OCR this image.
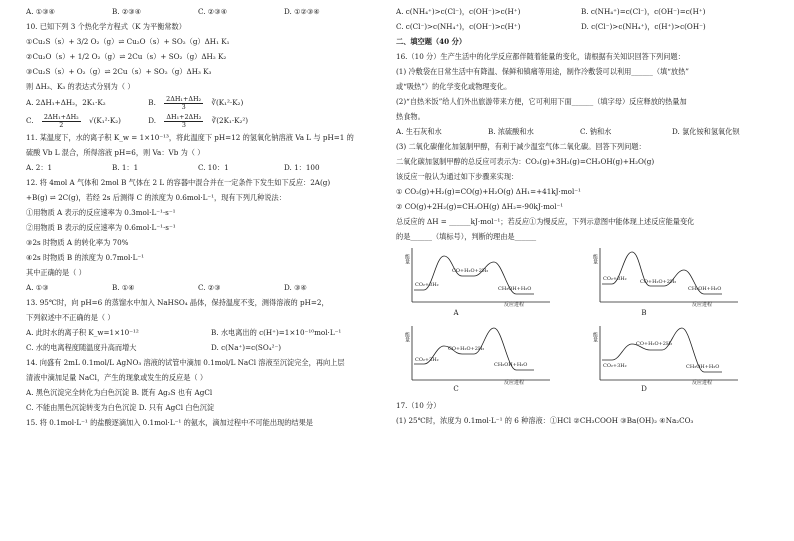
A. ①③④	B. ②③④	C. ②③④	D. ①②③④
10. 已知下列 3 个热化学方程式（K 为平衡常数）
①Cu₂S（s）+ 3/2 O₂（g）⇌ Cu₂O（s）+ SO₂（g）ΔH₁ K₁
②Cu₂O（s）+ 1/2 O₂（g）⇌ 2Cu（s）+ SO₂（g）ΔH₂ K₂
③Cu₂S（s）+ O₂（g）⇌ 2Cu（s）+ SO₂（g）ΔH₃ K₃
则 ΔH₃、K₃ 的表达式分别为（ ）
A. 2ΔH₁+ΔH₂，2K₁·K₂	B. $\frac{\text{2ΔH₁+ΔH₂}}{3}$ ∛(K₁²·K₂)
C. $\frac{\text{2ΔH₁+ΔH₂}}{2} √(K_1^2\cdot K_2)$	D. $\frac{\text{ΔH₁+2ΔH₂}}{3}$ ∛(2K₁·K₂²)
11. 某温度下，水的离子积 K_w = 1×10⁻¹³，将此温度下 pH=12 的氢氧化钠溶液 Va L 与 pH=1 的
硫酸 Vb L 混合，所得溶液 pH=6，则 Va：Vb 为（ ）
A. 2：1	B. 1：1	C. 10：1	D. 1：100
12. 将 4mol A 气体和 2mol B 气体在 2 L 的容器中混合并在一定条件下发生如下反应：2A(g)
+B(g) ⇌ 2C(g)，若经 2s 后测得 C 的浓度为 0.6mol·L⁻¹，现有下列几种说法：
①用物质 A 表示的反应速率为 0.3mol·L⁻¹·s⁻¹
②用物质 B 表示的反应速率为 0.6mol·L⁻¹·s⁻¹
③2s 时物质 A 的转化率为 70%
④2s 时物质 B 的浓度为 0.7mol·L⁻¹
其中正确的是（ ）
A. ①③	B. ①④	C. ②③	D. ③④
13. 95℃时，向 pH=6 的蒸馏水中加入 NaHSO₄ 晶体，保持温度不变，测得溶液的 pH=2，
下列叙述中不正确的是（ ）
A. 此时水的离子积 K_w=1×10⁻¹²	B. 水电离出的 c(H⁺)=1×10⁻¹⁰mol·L⁻¹
C. 水的电离程度随温度升高而增大	D. c(Na⁺)=c(SO₄²⁻)
14. 向盛有 2mL 0.1mol/L AgNO₃ 溶液的试管中滴加 0.1mol/L NaCl 溶液至沉淀完全，再向上层
清液中滴加足量 NaCl，产生的现象或发生的反应是（ ）
A. 黑色沉淀完全转化为白色沉淀 B. 既有 Ag₂S 也有 AgCl
C. 不能由黑色沉淀转变为白色沉淀 D. 只有 AgCl 白色沉淀
15. 将 0.1mol·L⁻¹ 的盐酸逐滴加入 0.1mol·L⁻¹ 的氨水，滴加过程中不可能出现的结果是
A. c(NH₄⁺)>c(Cl⁻)，c(OH⁻)>c(H⁺)	B. c(NH₄⁺)=c(Cl⁻)，c(OH⁻)=c(H⁺)
C. c(Cl⁻)>c(NH₄⁺)，c(OH⁻)>c(H⁺)	D. c(Cl⁻)>c(NH₄⁺)，c(H⁺)>c(OH⁻)
二、填空题（40 分）
16.（10 分）生产生活中的化学反应都伴随着能量的变化，请根据有关知识回答下列问题：
(1) 冷敷袋在日常生活中有降温、保鲜和镇痛等用途，制作冷敷袋可以利用______（填“放热”
或“吸热”）的化学变化或物理变化。
(2)“自热米饭”给人们外出旅游带来方便，它可利用下面______（填字母）反应释放的热量加
热食物。
A. 生石灰和水	B. 浓硫酸和水	C. 钠和水	D. 氯化铵和氢氧化钡
(3) 二氧化碳催化加氢制甲醇，有利于减少温室气体二氧化碳。回答下列问题：
二氧化碳加氢制甲醇的总反应可表示为：CO₂(g)+3H₂(g)=CH₃OH(g)+H₂O(g)
该反应一般认为通过如下步骤来实现：
① CO₂(g)+H₂(g)=CO(g)+H₂O(g) ΔH₁=+41kJ·mol⁻¹
② CO(g)+2H₂(g)=CH₃OH(g) ΔH₂=-90kJ·mol⁻¹
总反应的 ΔH = ______kJ·mol⁻¹；若反应①为慢反应，下列示意图中能体现上述反应能量变化
的是______（填标号），判断的理由是______
能量
CO₂+3H₂
CO+H₂O+2H₂
CH₃OH+H₂O
反应进程
A
能量
CO₂+3H₂	CO+H₂O+2H₂
CH₃OH+H₂O
反应进程
B
能量
CO₂+3H₂
CO+H₂O+2H₂
CH₃OH+H₂O
反应进程
C
能量
CO₂+3H₂
CO+H₂O+2H₂
CH₃OH+H₂O
反应进程
D
17.（10 分）
(1) 25℃时，浓度为 0.1mol·L⁻¹ 的 6 种溶液：①HCl ②CH₃COOH ③Ba(OH)₂ ④Na₂CO₃
